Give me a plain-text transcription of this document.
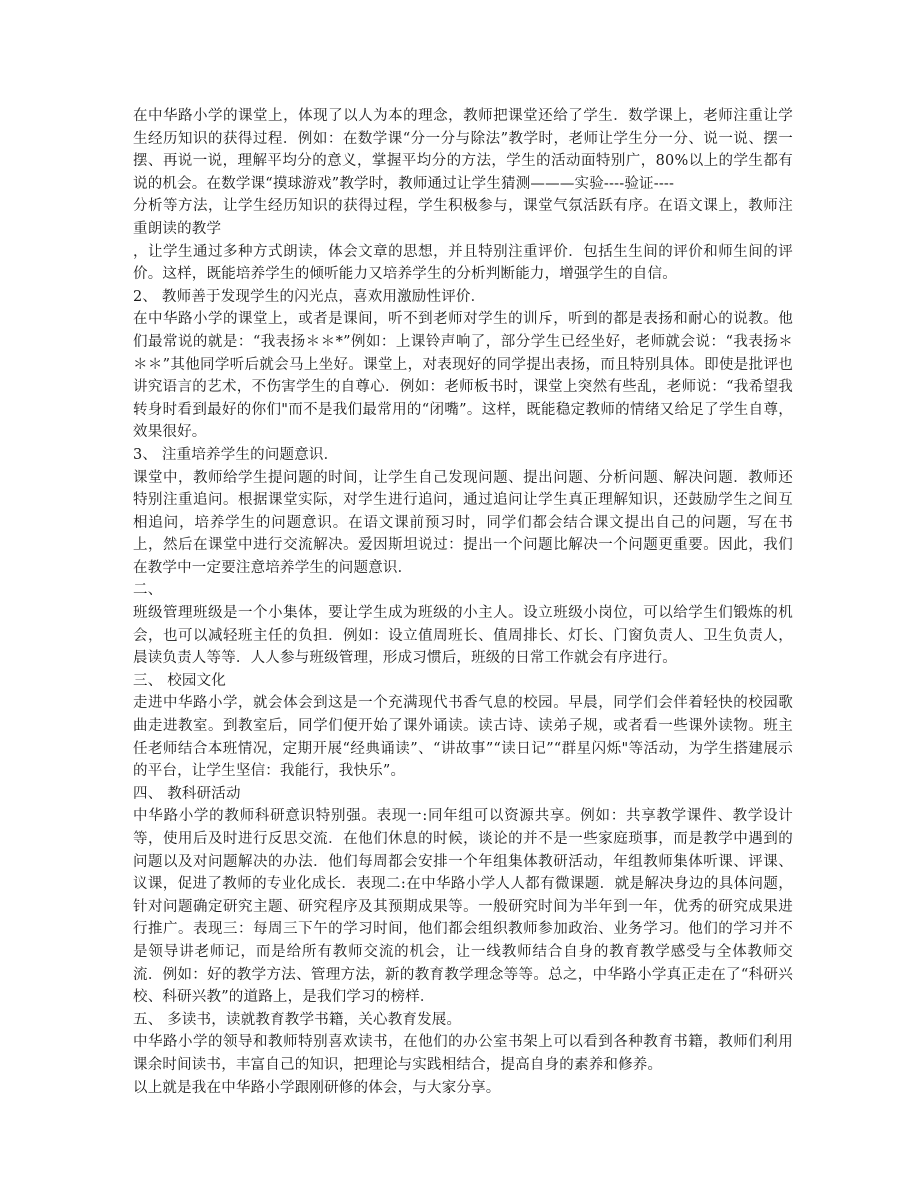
在中华路小学的课堂上，体现了以人为本的理念，教师把课堂还给了学生．数学课上，老师注重让学生经历知识的获得过程．例如：在数学课“分一分与除法”教学时，老师让学生分一分、说一说、摆一摆、再说一说，理解平均分的意义，掌握平均分的方法，学生的活动面特别广，80%以上的学生都有说的机会。在数学课“摸球游戏”教学时，教师通过让学生猜测———实验----验证----

分析等方法，让学生经历知识的获得过程，学生积极参与，课堂气氛活跃有序。在语文课上，教师注重朗读的教学

，让学生通过多种方式朗读，体会文章的思想，并且特别注重评价．包括生生间的评价和师生间的评价。这样，既能培养学生的倾听能力又培养学生的分析判断能力，增强学生的自信。

2、 教师善于发现学生的闪光点，喜欢用激励性评价．

在中华路小学的课堂上，或者是课间，听不到老师对学生的训斥，听到的都是表扬和耐心的说教。他们最常说的就是：“我表扬＊＊*”例如：上课铃声响了，部分学生已经坐好，老师就会说：“我表扬＊＊＊”其他同学听后就会马上坐好。课堂上，对表现好的同学提出表扬，而且特别具体。即使是批评也讲究语言的艺术，不伤害学生的自尊心．例如：老师板书时，课堂上突然有些乱，老师说：“我希望我转身时看到最好的你们"而不是我们最常用的“闭嘴”。这样，既能稳定教师的情绪又给足了学生自尊，效果很好。

3、 注重培养学生的问题意识．

课堂中，教师给学生提问题的时间，让学生自己发现问题、提出问题、分析问题、解决问题．教师还特别注重追问。根据课堂实际，对学生进行追问，通过追问让学生真正理解知识，还鼓励学生之间互相追问，培养学生的问题意识。在语文课前预习时，同学们都会结合课文提出自己的问题，写在书上，然后在课堂中进行交流解决。爱因斯坦说过：提出一个问题比解决一个问题更重要。因此，我们在教学中一定要注意培养学生的问题意识．

二、

班级管理班级是一个小集体，要让学生成为班级的小主人。设立班级小岗位，可以给学生们锻炼的机会，也可以减轻班主任的负担．例如：设立值周班长、值周排长、灯长、门窗负责人、卫生负责人，晨读负责人等等．人人参与班级管理，形成习惯后，班级的日常工作就会有序进行。

三、 校园文化

走进中华路小学，就会体会到这是一个充满现代书香气息的校园。早晨，同学们会伴着轻快的校园歌曲走进教室。到教室后，同学们便开始了课外诵读。读古诗、读弟子规，或者看一些课外读物。班主任老师结合本班情况，定期开展“经典诵读”、“讲故事”“读日记”“群星闪烁"等活动，为学生搭建展示的平台，让学生坚信：我能行，我快乐”。

四、 教科研活动

中华路小学的教师科研意识特别强。表现一:同年组可以资源共享。例如：共享教学课件、教学设计等，使用后及时进行反思交流．在他们休息的时候，谈论的并不是一些家庭琐事，而是教学中遇到的问题以及对问题解决的办法．他们每周都会安排一个年组集体教研活动，年组教师集体听课、评课、议课，促进了教师的专业化成长．表现二:在中华路小学人人都有微课题．就是解决身边的具体问题，针对问题确定研究主题、研究程序及其预期成果等。一般研究时间为半年到一年，优秀的研究成果进行推广。表现三：每周三下午的学习时间，他们都会组织教师参加政治、业务学习。他们的学习并不是领导讲老师记，而是给所有教师交流的机会，让一线教师结合自身的教育教学感受与全体教师交流．例如：好的教学方法、管理方法，新的教育教学理念等等。总之，中华路小学真正走在了“科研兴校、科研兴教”的道路上，是我们学习的榜样．

五、 多读书，读就教育教学书籍，关心教育发展。

中华路小学的领导和教师特别喜欢读书，在他们的办公室书架上可以看到各种教育书籍，教师们利用课余时间读书，丰富自己的知识，把理论与实践相结合，提高自身的素养和修养。

以上就是我在中华路小学跟刚研修的体会，与大家分享。
